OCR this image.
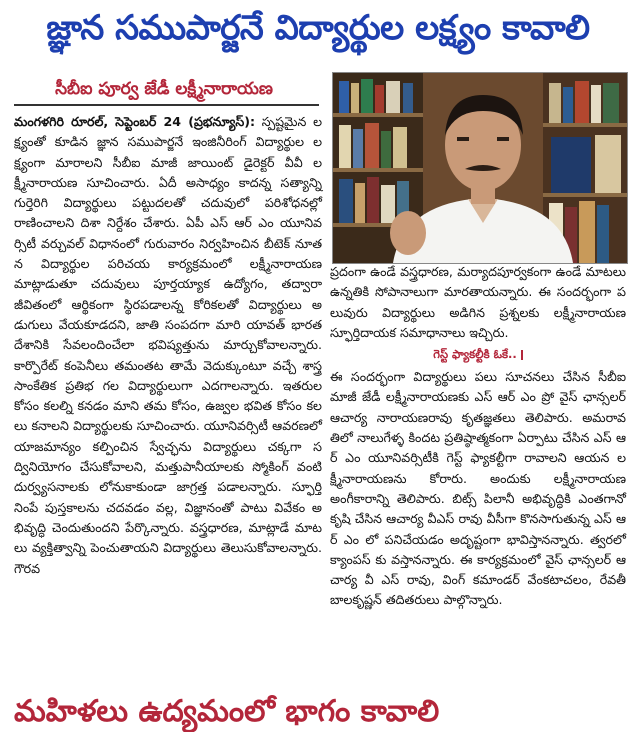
జ్ఞాన సముపార్జనే విద్యార్థుల లక్ష్యం కావాలి
సీబీఐ పూర్వ జేడీ లక్ష్మీనారాయణ
మంగళగిరి రూరల్, సెప్టెంబర్ 24 (ప్రభన్యూస్): స్పష్టమైన లక్ష్యంతో కూడిన జ్ఞాన సముపార్జనే ఇంజినీరింగ్ విద్యార్థుల లక్ష్యంగా మారాలని సీబీఐ మాజీ జాయింట్ డైరెక్టర్ వీవీ లక్ష్మీనారాయణ సూచించారు. ఏదీ అసాధ్యం కాదన్న సత్యాన్ని గుర్తెరిగి విద్యార్థులు పట్టుదలతో చదువులో పరిశోధనల్లో రాణించాలని దిశా నిర్దేశం చేశారు. ఏపీ ఎస్ ఆర్ ఎం యూనివర్సిటీ వర్చువల్ విధానంలో గురువారం నిర్వహించిన బీటెక్ నూతన విద్యార్థుల పరిచయ కార్యక్రమంలో లక్ష్మీనారాయణ మాట్లాడుతూ చదువులు పూర్తయ్యాక ఉద్యోగం, తద్వారా జీవితంలో ఆర్థికంగా స్థిరపడాలన్న కోరికలతో విద్యార్థులు అడుగులు వేయకూడదని, జాతి సంపదగా మారి యావత్ భారతదేశానికి సేవలందించేలా భవిష్యత్తును మార్చుకోవాలన్నారు. కార్పొరేట్ కంపెనీలు తమంతట తామే వెదుక్కుంటూ వచ్చే శాస్త్ర సాంకేతిక ప్రతిభ గల విద్యార్థులుగా ఎదగాలన్నారు. ఇతరుల కోసం కలల్ని కనడం మాని తమ కోసం, ఉజ్వల భవిత కోసం కలలు కనాలని విద్యార్థులకు సూచించారు. యూనివర్సిటీ ఆవరణలో యాజమాన్యం కల్పించిన స్వేచ్ఛను విద్యార్థులు చక్కగా సద్వినియోగం చేసుకోవాలని, మత్తుపానీయాలకు స్మోకింగ్ వంటి దుర్వ్యసనాలకు లోనుకాకుండా జాగ్రత్త పడాలన్నారు. స్ఫూర్తి నింపే పుస్తకాలను చదవడం వల్ల, విజ్ఞానంతో పాటు వివేకం అభివృద్ధి చెందుతుందని పేర్కొన్నారు. వస్త్రధారణ, మాట్లాడే మాటలు వ్యక్తిత్వాన్ని పెంచుతాయని విద్యార్థులు తెలుసుకోవాలన్నారు. గౌరవ
ప్రదంగా ఉండే వస్త్రధారణ, మర్యాదపూర్వకంగా ఉండే మాటలు ఉన్నతికి సోపానాలుగా మారతాయన్నారు. ఈ సందర్భంగా పలువురు విద్యార్థులు అడిగిన ప్రశ్నలకు లక్ష్మీనారాయణ స్ఫూర్తిదాయక సమాధానాలు ఇచ్చిరు.
గెస్ట్ ఫ్యాకల్టీకి ఓకే..
ఈ సందర్భంగా విద్యార్థులు పలు సూచనలు చేసిన సీబీఐ మాజీ జేడీ లక్ష్మీనారాయణకు ఎస్ ఆర్ ఎం ప్రో వైస్ ఛాన్సలర్ ఆచార్య నారాయణరావు కృతజ్ఞతలు తెలిపారు. అమరావతిలో నాలుగేళ్ళ కిందట ప్రతిష్ఠాత్మకంగా ఏర్పాటు చేసిన ఎస్ ఆర్ ఎం యూనివర్సిటీకి గెస్ట్ ఫ్యాకల్టీగా రావాలని ఆయన లక్ష్మీనారాయణను కోరారు. అందుకు లక్ష్మీనారాయణ అంగీకారాన్ని తెలిపారు. బిట్స్ పిలానీ అభివృద్ధికి ఎంతగానో కృషి చేసిన ఆచార్య వీఎస్ రావు వీసీగా కొనసాగుతున్న ఎస్ ఆర్ ఎం లో పనిచేయడం అదృష్టంగా భావిస్తానన్నారు. త్వరలో క్యాంపస్ కు వస్తానన్నారు. ఈ కార్యక్రమంలో వైస్ ఛాన్సలర్ ఆచార్య వీ ఎస్ రావు, వింగ్ కమాండర్ వేంకటాచలం, రేవతీ బాలకృష్ణన్ తదితరులు పాల్గొన్నారు.
మహిళలు ఉద్యమంలో భాగం కావాలి
